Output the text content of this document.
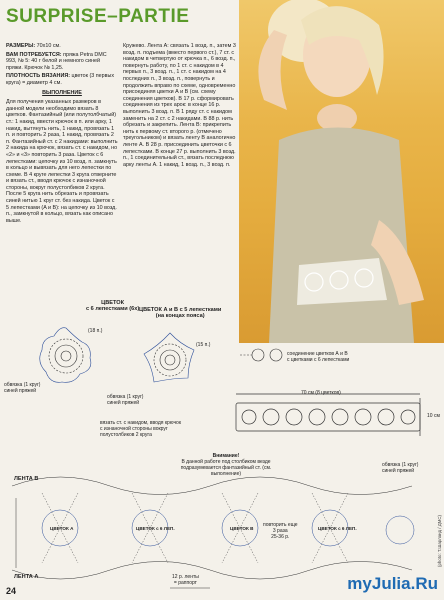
SURPRISE–PARTIE

РАЗМЕРЫ: 70x10 см.

ВАМ ПОТРЕБУЕТСЯ: пряжа Petra DMC 993, № 5: 40 г белой и немного синей пряжи. Крючок № 1,25.

ПЛОТНОСТЬ ВЯЗАНИЯ: цветок (3 первых круга) = диаметр 4 см.

ВЫПОЛНЕНИЕ

Для получения указанных размеров в данной модели необходимо вязать 8 цветков. Фантазийный (или полутолбчатый) ст.: 1 накид, ввести крючок в п. или арку, 1 накид, вытянуть нить, 1 накид, провязать 1 п. и повторить 2 раза, 1 накид, провязать 2 п. Фантазийный ст. с 2 накидами: выполнить 2 накида на крючок, вязать ст. с накидом, но «2» и «3» повторить 3 раза. Цветок с 6 лепестками: цепочку из 10 возд. п. замкнуть в кольцо и вывязать для него лепестки по схеме. В 4 круге лепестки 3 круга отверните и вязать ст., вводя крючок с изнаночной стороны, вокруг полустолбиков 2 круга. После 5 круга нить обрезать и провязать синей нитью 1 круг ст. без накида. Цветок с 5 лепестками (A и B): на цепочку из 10 возд. п., замкнутой в кольцо, вязать как описано выше.

Кружево. Лента А: связать 1 возд. п., затем 3 возд. п. подъема (вместо первого ст.), 7 ст. с накидом в четвертую от крючка п., 6 возд. п., повернуть работу, по 1 ст. с накидом в 4 первых п., 3 возд. п., 1 ст. с накидом на 4 последних п., 3 возд. п., повернуть и продолжить вправо по схеме, одновременно присоединяя цветки А и В (см. схему соединения цветков). В 17 р. сформировать соединения из трех арок: в конце 16 р. выполнить 3 возд. п. В 1 ряду ст. с накидом заменить на 2 ст. с 2 накидами. В 88 р. нить обрезать и закрепить. Лента В: прикрепить нить к первому ст. второго р. (отмечено треугольником) и вязать ленту В аналогично ленте А. В 28 р. присоединить цветочки с 6 лепестками. В конце 27 р. выполнить 3 возд. п., 1 соединительный ст., вязать последнюю арку ленты А. 1 накид, 1 возд. п., 3 возд. п.

ЦВЕТОК
с 6 лепестками (6х) ЦВЕТОК А и В с 5 лепестками
(на концах пояса)
(18 п.)
(15 п.)
обвязка (1 круг)
синей пряжей
обвязка (1 круг)
синей пряжей
соединение цветков А и В
с цветками с 6 лепестками
70 см (8 цветков)
10 см
вязать ст. с накидом, вводя крючок
с изнаночной стороны вокруг
полустолбиков 2 круга
обвязка (1 круг)
синей пряжей
ЛЕНТА В
ЛЕНТА А
повторить еще
3 раза
25-36 р.
12 р. ленты
= раппорт
ЦВЕТОК А	ЦВЕТОК с 6 ЛЕП.	ЦВЕТОК В	ЦВЕТОК с 6 ЛЕП.
Внимание!
В данной работе под столбиком везде подразумевается фантазийный ст. (см. выполнение)
24	myJulia.Ru
(photo: Т.Шарланд / ДМС)
